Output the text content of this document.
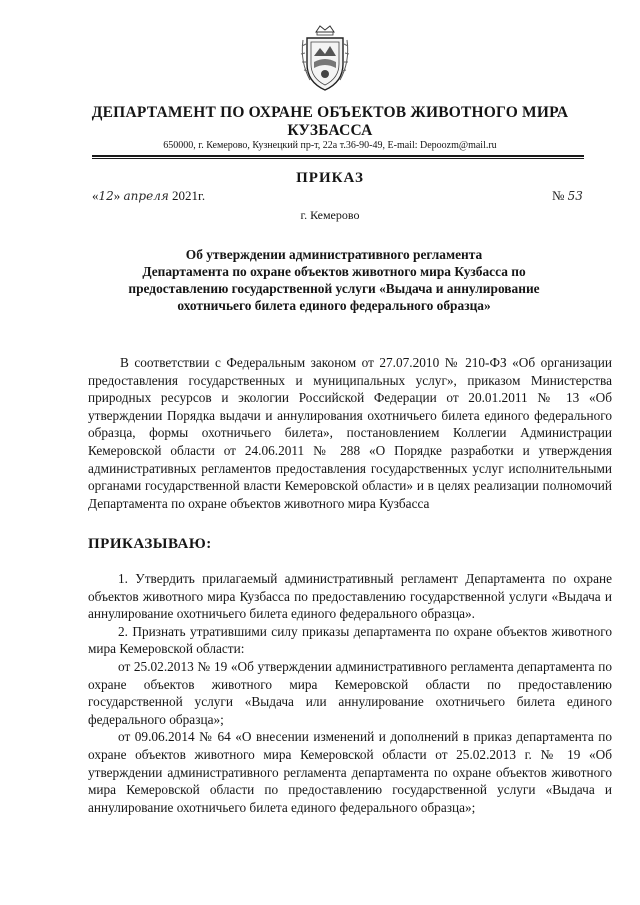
ДЕПАРТАМЕНТ ПО ОХРАНЕ ОБЪЕКТОВ ЖИВОТНОГО МИРА
КУЗБАССА
650000, г. Кемерово, Кузнецкий пр-т, 22а т.36-90-49, E-mail: Depoozm@mail.ru
ПРИКАЗ
«12» апреля 2021г.	№ 53
г. Кемерово
Об утверждении административного регламента
Департамента по охране объектов животного мира Кузбасса по
предоставлению государственной услуги «Выдача и аннулирование
охотничьего билета единого федерального образца»

В соответствии с Федеральным законом от 27.07.2010 № 210-ФЗ «Об организации предоставления государственных и муниципальных услуг», приказом Министерства природных ресурсов и экологии Российской Федерации от 20.01.2011 № 13 «Об утверждении Порядка выдачи и аннулирования охотничьего билета единого федерального образца, формы охотничьего билета», постановлением Коллегии Администрации Кемеровской области от 24.06.2011 № 288 «О Порядке разработки и утверждения административных регламентов предоставления государственных услуг исполнительными органами государственной власти Кемеровской области» и в целях реализации полномочий Департамента по охране объектов животного мира Кузбасса

ПРИКАЗЫВАЮ:

1. Утвердить прилагаемый административный регламент Департамента по охране объектов животного мира Кузбасса по предоставлению государственной услуги «Выдача и аннулирование охотничьего билета единого федерального образца».

2. Признать утратившими силу приказы департамента по охране объектов животного мира Кемеровской области:

от 25.02.2013 № 19 «Об утверждении административного регламента департамента по охране объектов животного мира Кемеровской области по предоставлению государственной услуги «Выдача или аннулирование охотничьего билета единого федерального образца»;

от 09.06.2014 № 64 «О внесении изменений и дополнений в приказ департамента по охране объектов животного мира Кемеровской области от 25.02.2013 г. № 19 «Об утверждении административного регламента департамента по охране объектов животного мира Кемеровской области по предоставлению государственной услуги «Выдача и аннулирование охотничьего билета единого федерального образца»;
